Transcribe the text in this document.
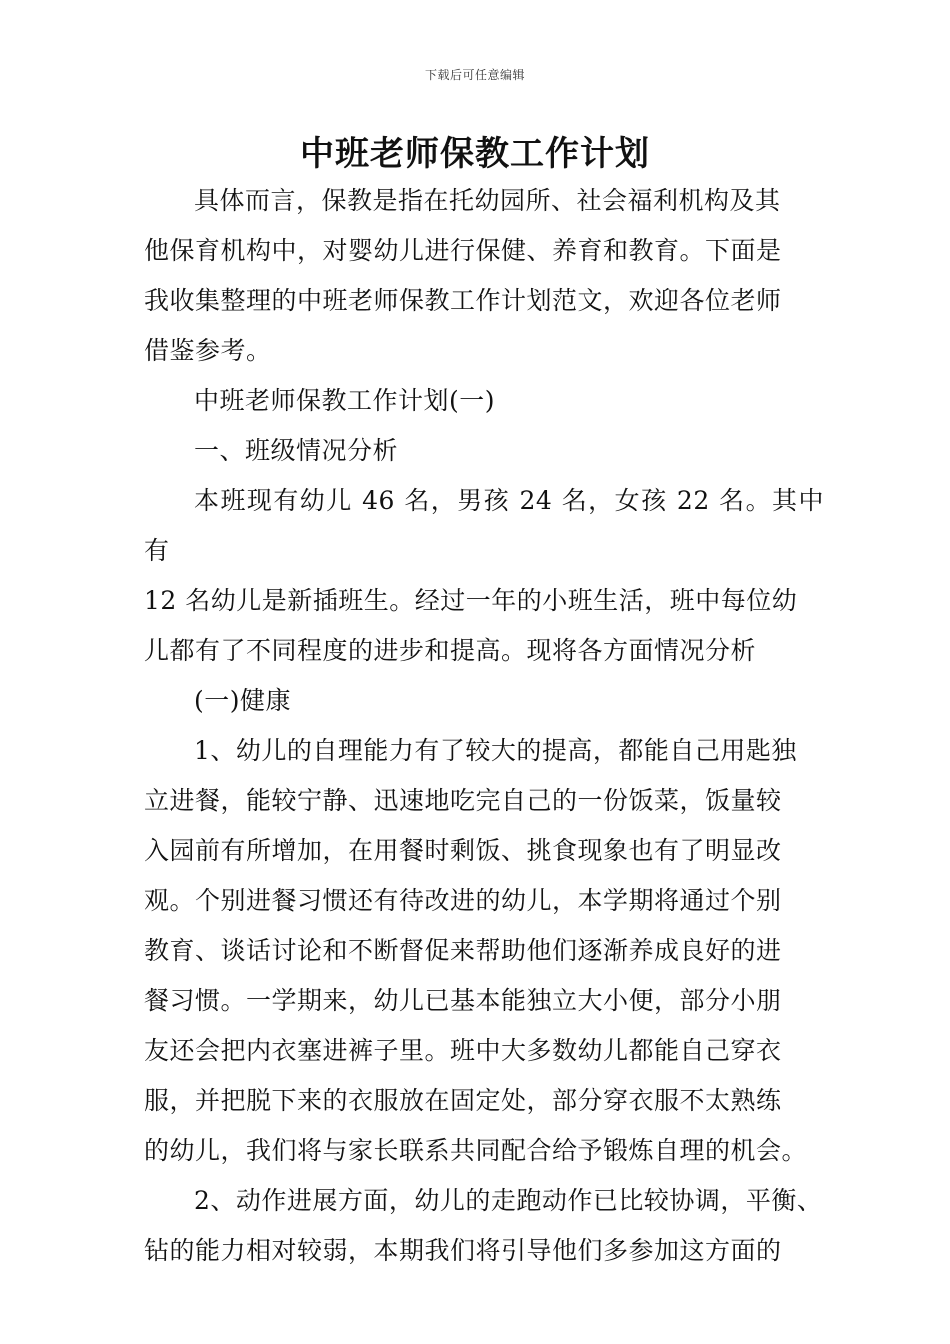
下载后可任意编辑
中班老师保教工作计划

具体而言，保教是指在托幼园所、社会福利机构及其
他保育机构中，对婴幼儿进行保健、养育和教育。下面是
我收集整理的中班老师保教工作计划范文，欢迎各位老师
借鉴参考。

中班老师保教工作计划(一)

一、班级情况分析

本班现有幼儿 46 名，男孩 24 名，女孩 22 名。其中有
12 名幼儿是新插班生。经过一年的小班生活，班中每位幼
儿都有了不同程度的进步和提高。现将各方面情况分析

(一)健康

1、幼儿的自理能力有了较大的提高，都能自己用匙独
立进餐，能较宁静、迅速地吃完自己的一份饭菜，饭量较
入园前有所增加，在用餐时剩饭、挑食现象也有了明显改
观。个别进餐习惯还有待改进的幼儿，本学期将通过个别
教育、谈话讨论和不断督促来帮助他们逐渐养成良好的进
餐习惯。一学期来，幼儿已基本能独立大小便，部分小朋
友还会把内衣塞进裤子里。班中大多数幼儿都能自己穿衣
服，并把脱下来的衣服放在固定处，部分穿衣服不太熟练
的幼儿，我们将与家长联系共同配合给予锻炼自理的机会。

2、动作进展方面，幼儿的走跑动作已比较协调，平衡、
钻的能力相对较弱，本期我们将引导他们多参加这方面的
